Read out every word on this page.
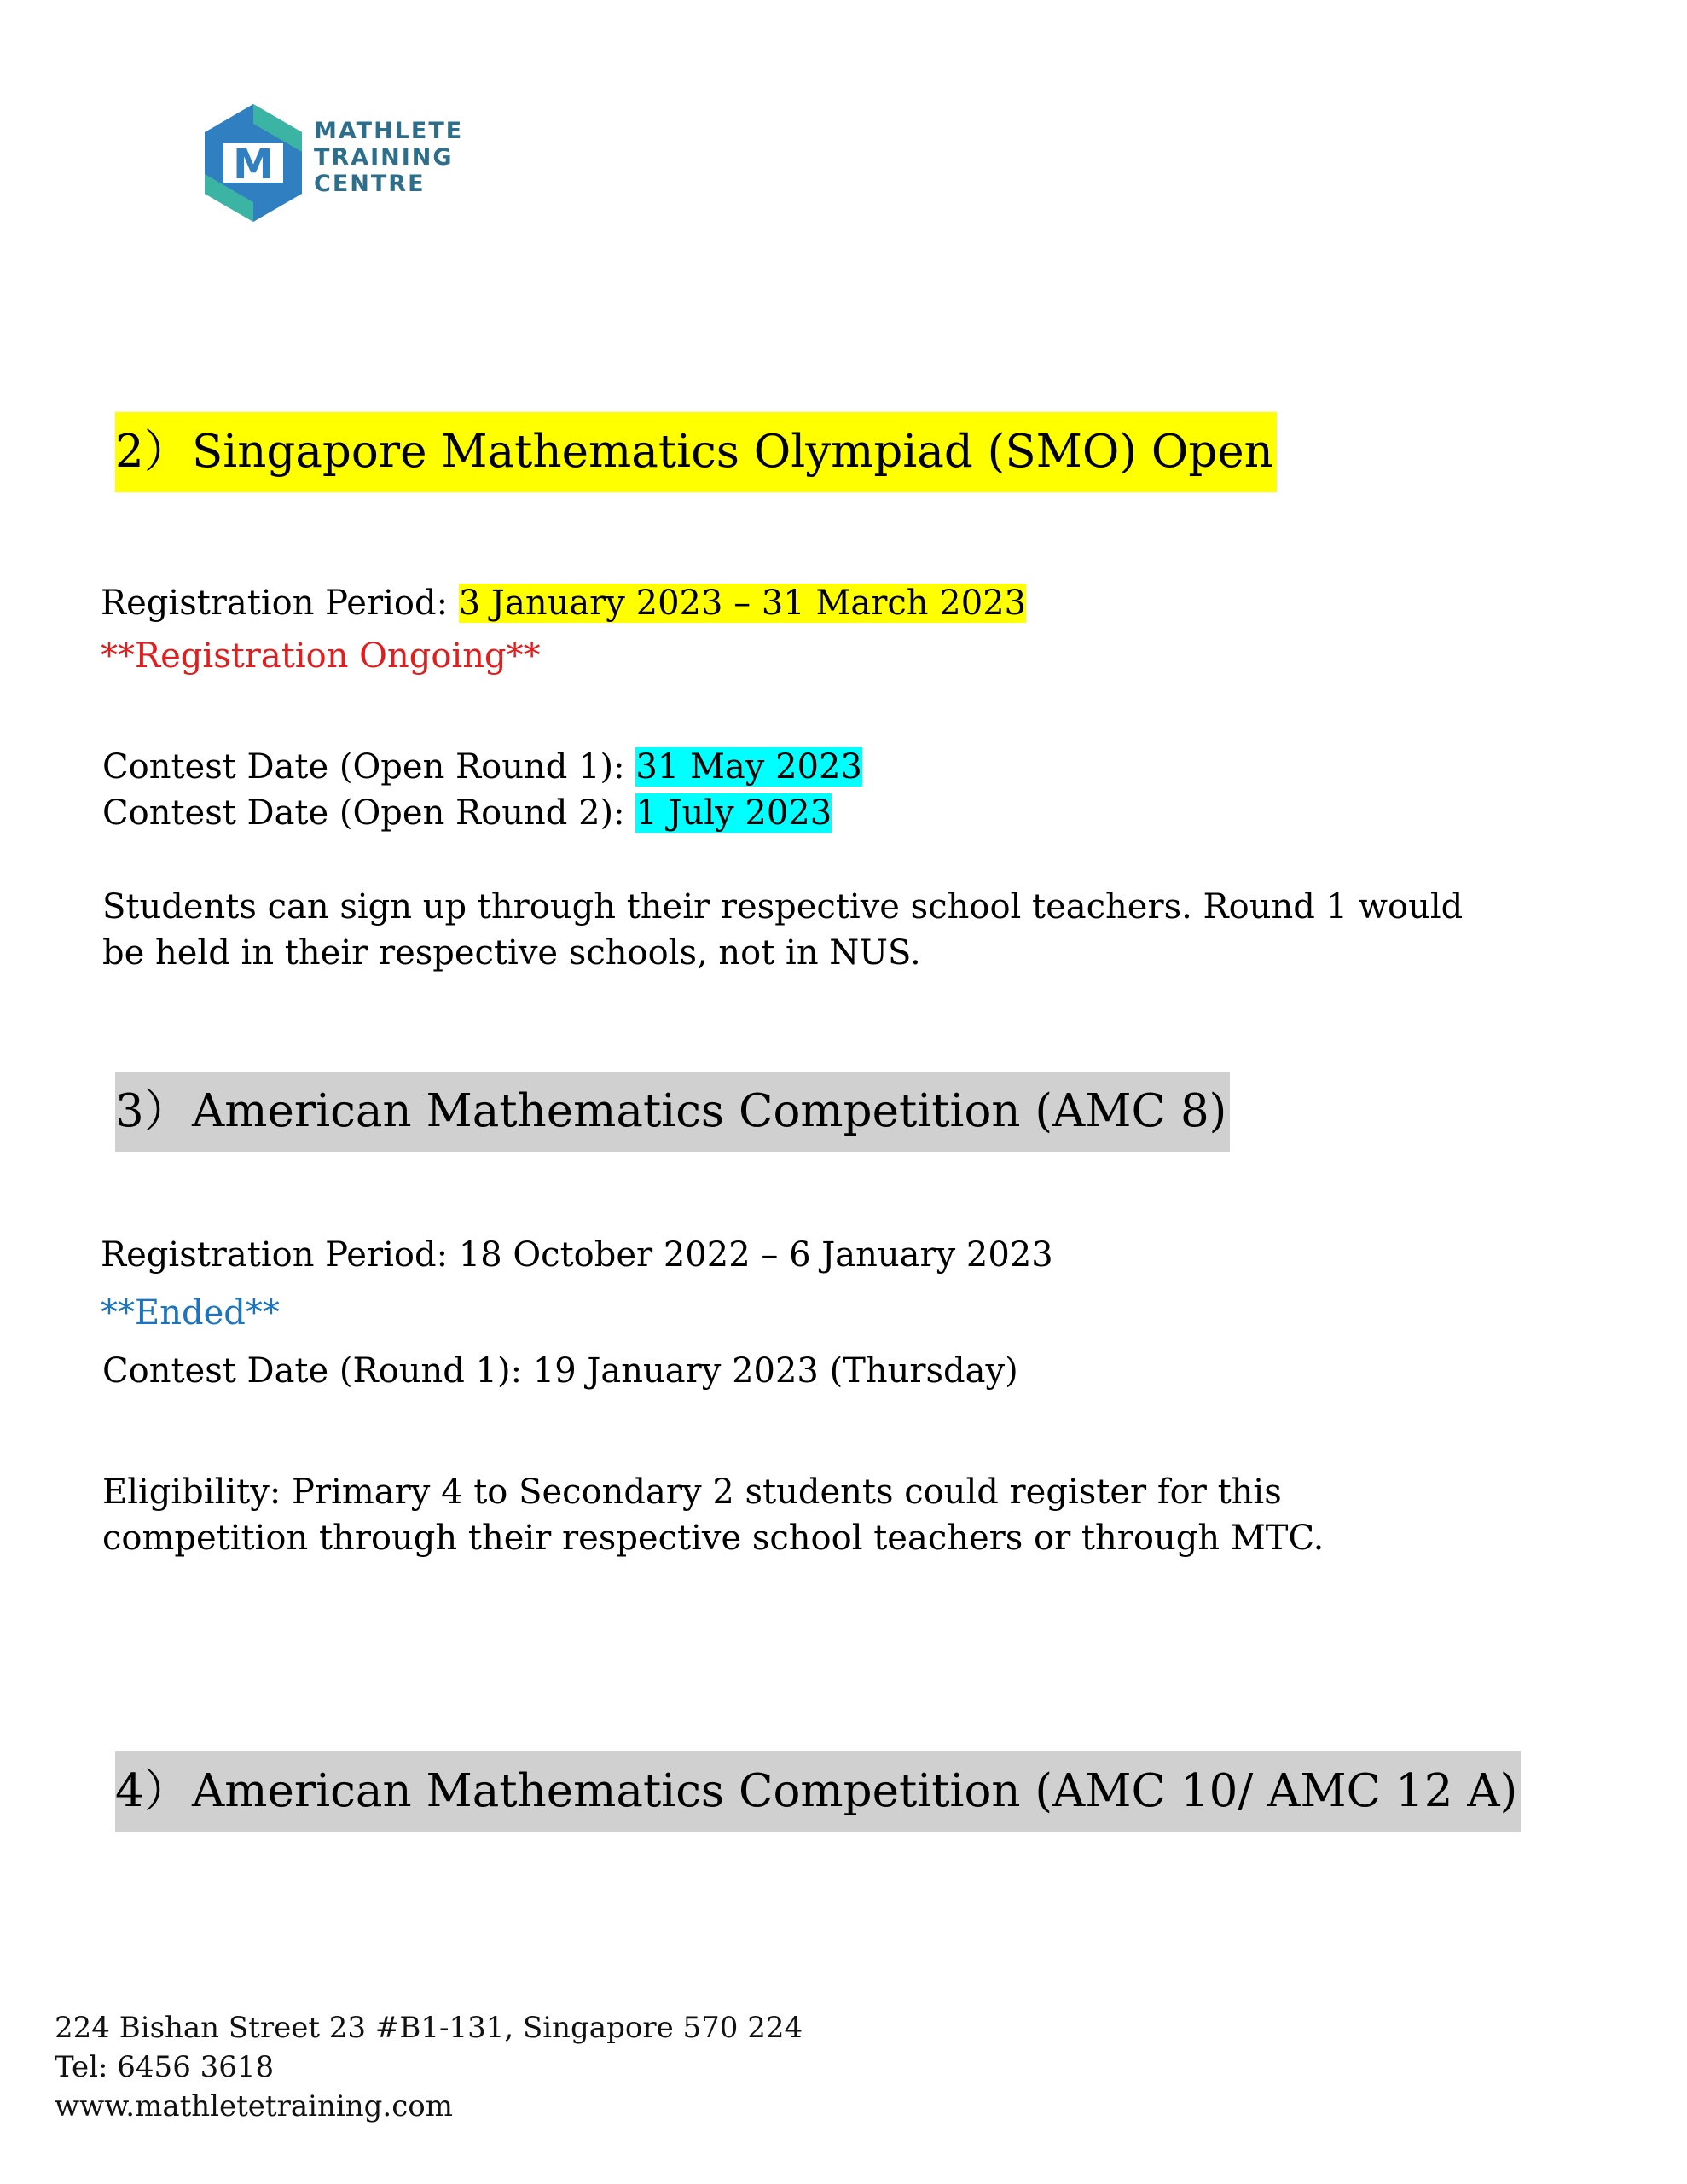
M
MATHLETE
TRAINING
CENTRE
2）Singapore Mathematics Olympiad (SMO) Open
Registration Period: 3 January 2023 – 31 March 2023
**Registration Ongoing**
Contest Date (Open Round 1): 31 May 2023
Contest Date (Open Round 2): 1 July 2023
Students can sign up through their respective school teachers. Round 1 would be held in their respective schools, not in NUS.
3）American Mathematics Competition (AMC 8)
Registration Period: 18 October 2022 – 6 January 2023
**Ended**
Contest Date (Round 1): 19 January 2023 (Thursday)
Eligibility: Primary 4 to Secondary 2 students could register for this competition through their respective school teachers or through MTC.
4）American Mathematics Competition (AMC 10/ AMC 12 A)
224 Bishan Street 23 #B1-131, Singapore 570 224
Tel: 6456 3618
www.mathletetraining.com
